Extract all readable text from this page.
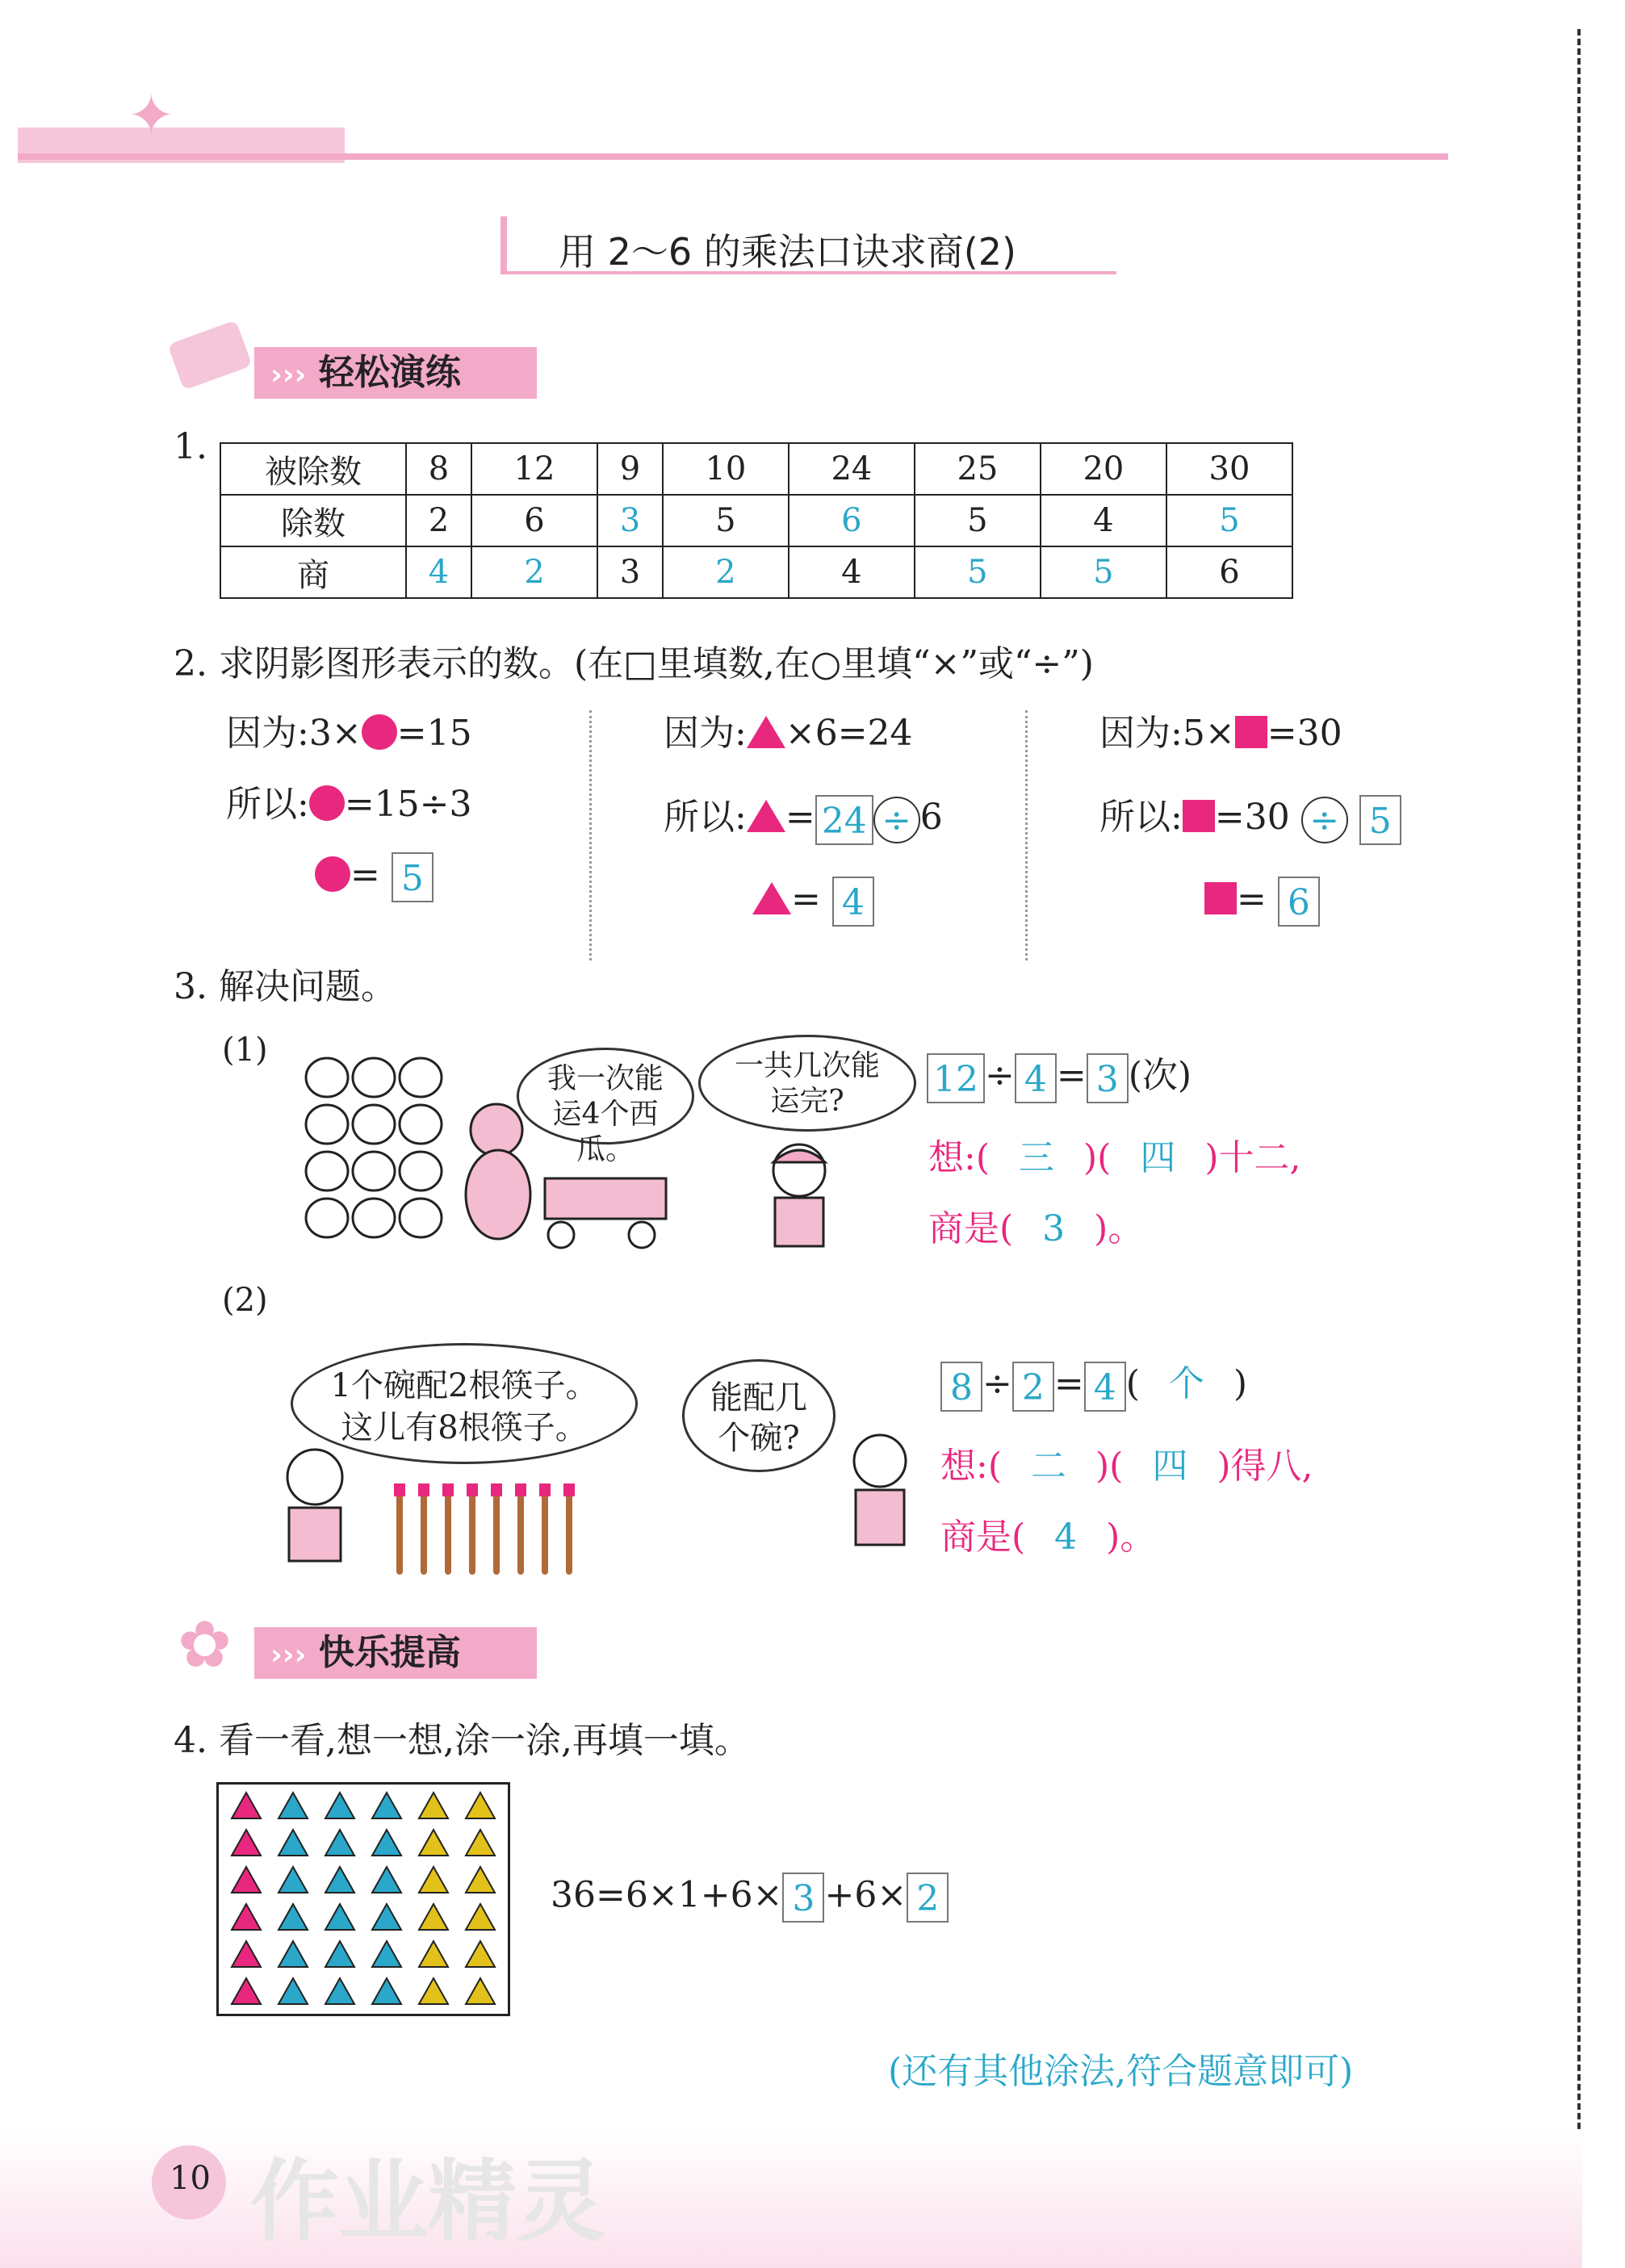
✦
用 2～6 的乘法口诀求商(2)
››› 轻松演练
1.
被除数	8	12	9	10	24	25	20	30
除数	2	6	3	5	6	5	4	5
商	4	2	3	2	4	5	5	6
2. 求阴影图形表示的数。(在□里填数,在○里填“×”或“÷”)
因为:3× =15
所以: =15÷3
= 5
因为: ×6=24
所以: = 24 ÷ 6
= 4
因为:5× =30
所以: =30 ÷ 5
= 6
3. 解决问题。
(1)
我一次能运4个西瓜。
一共几次能运完?
12 ÷ 4 = 3 (次)
想:( 三 )( 四 )十二,
商是( 3 )。
(2)
1个碗配2根筷子。这儿有8根筷子。
能配几个碗?
8 ÷ 2 = 4 ( 个 )
想:( 二 )( 四 )得八,
商是( 4 )。
✿	››› 快乐提高
4. 看一看,想一想,涂一涂,再填一填。
36=6×1+6× 3 +6× 2
(还有其他涂法,符合题意即可)
10 作业精灵
